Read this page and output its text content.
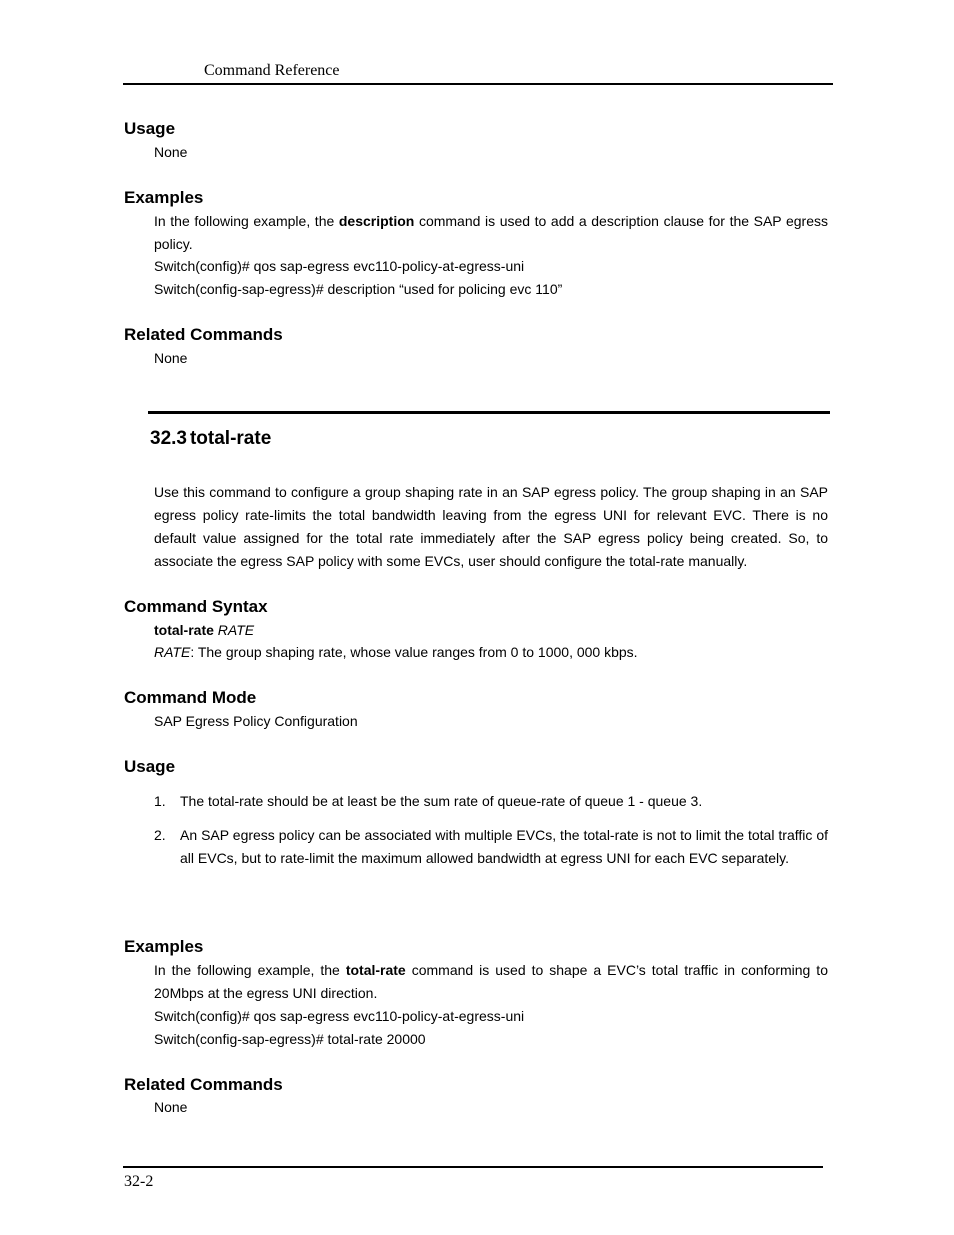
Command Reference
Usage
None
Examples
In the following example, the description command is used to add a description clause for the SAP egress policy.
Switch(config)# qos sap-egress evc110-policy-at-egress-uni
Switch(config-sap-egress)# description “used for policing evc 110”
Related Commands
None
32.3 total-rate
Use this command to configure a group shaping rate in an SAP egress policy. The group shaping in an SAP egress policy rate-limits the total bandwidth leaving from the egress UNI for relevant EVC. There is no default value assigned for the total rate immediately after the SAP egress policy being created. So, to associate the egress SAP policy with some EVCs, user should configure the total-rate manually.
Command Syntax
total-rate RATE
RATE: The group shaping rate, whose value ranges from 0 to 1000, 000 kbps.
Command Mode
SAP Egress Policy Configuration
Usage
1. The total-rate should be at least be the sum rate of queue-rate of queue 1 - queue 3.
2. An SAP egress policy can be associated with multiple EVCs, the total-rate is not to limit the total traffic of all EVCs, but to rate-limit the maximum allowed bandwidth at egress UNI for each EVC separately.
Examples
In the following example, the total-rate command is used to shape a EVC’s total traffic in conforming to 20Mbps at the egress UNI direction.
Switch(config)# qos sap-egress evc110-policy-at-egress-uni
Switch(config-sap-egress)# total-rate 20000
Related Commands
None
32-2
